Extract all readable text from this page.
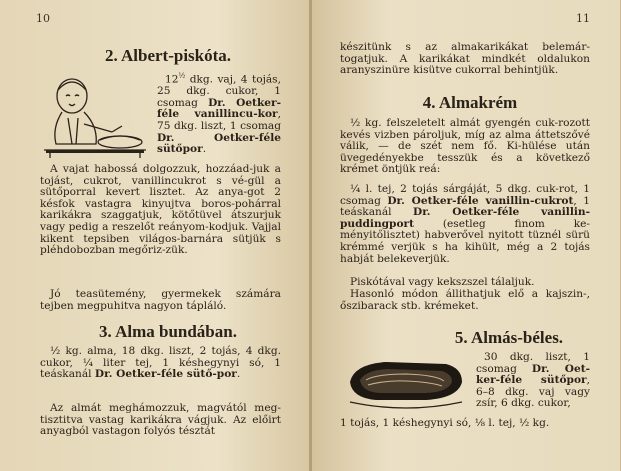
10
2. Albert-piskóta.

$12^{\frac{1}{2}}$ dkg. vaj, 4 tojás, 25 dkg. cukor, 1 csomag Dr. Oetker-féle vanillincu-kor, 75 dkg. liszt, 1 csomag Dr. Oetker-féle sütőpor.

A vajat habossá dolgozzuk, hozzáad-juk a tojást, cukrot, vanillincukrot s vé-gül a sütőporral kevert lisztet. Az anya-got 2 késfok vastagra kinyujtva boros-pohárral karikákra szaggatjuk, kötőtüvel átszurjuk vagy pedig a reszelőt reányom-kodjuk. Vajjal kikent tepsiben világos-barnára sütjük s pléhdobozban megőriz-zük.

Jó teasütemény, gyermekek számára tejben megpuhitva nagyon tápláló.

3. Alma bundában.

½ kg. alma, 18 dkg. liszt, 2 tojás, 4 dkg. cukor, ¼ liter tej, 1 késhegynyi só, 1 teáskanál Dr. Oetker-féle sütő-por.

Az almát meghámozzuk, magvától meg-tisztitva vastag karikákra vágjuk. Az előirt anyagból vastagon folyós tésztát

11

készitünk s az almakarikákat belemár-togatjuk. A karikákat mindkét oldalukon aranyszinüre kisütve cukorral behintjük.

4. Almakrém

½ kg. felszeletelt almát gyengén cuk-rozott kevés vizben pároljuk, míg az alma áttetszővé válik, — de szét nem fő. Ki-hülése után üvegedényekbe tesszük és a következő krémet öntjük reá:

¼ l. tej, 2 tojás sárgáját, 5 dkg. cuk-rot, 1 csomag Dr. Oetker-féle vanillin-cukrot, 1 teáskanál Dr. Oetker-féle vanillin-puddingport (esetleg finom ke-ményitőlisztet) habverővel nyitott tüznél sürü krémmé verjük s ha kihült, még a 2 tojás habját belekeverjük.

Piskótával vagy kekszszel tálaljuk.

Hasonló módon állithatjuk elő a kajszin-, őszibarack stb. krémeket.

5. Almás-béles.

30 dkg. liszt, 1 csomag Dr. Oet-ker-féle sütőpor, 6–8 dkg. vaj vagy zsír, 6 dkg. cukor,

1 tojás, 1 késhegynyi só, ⅛ l. tej, ½ kg.
